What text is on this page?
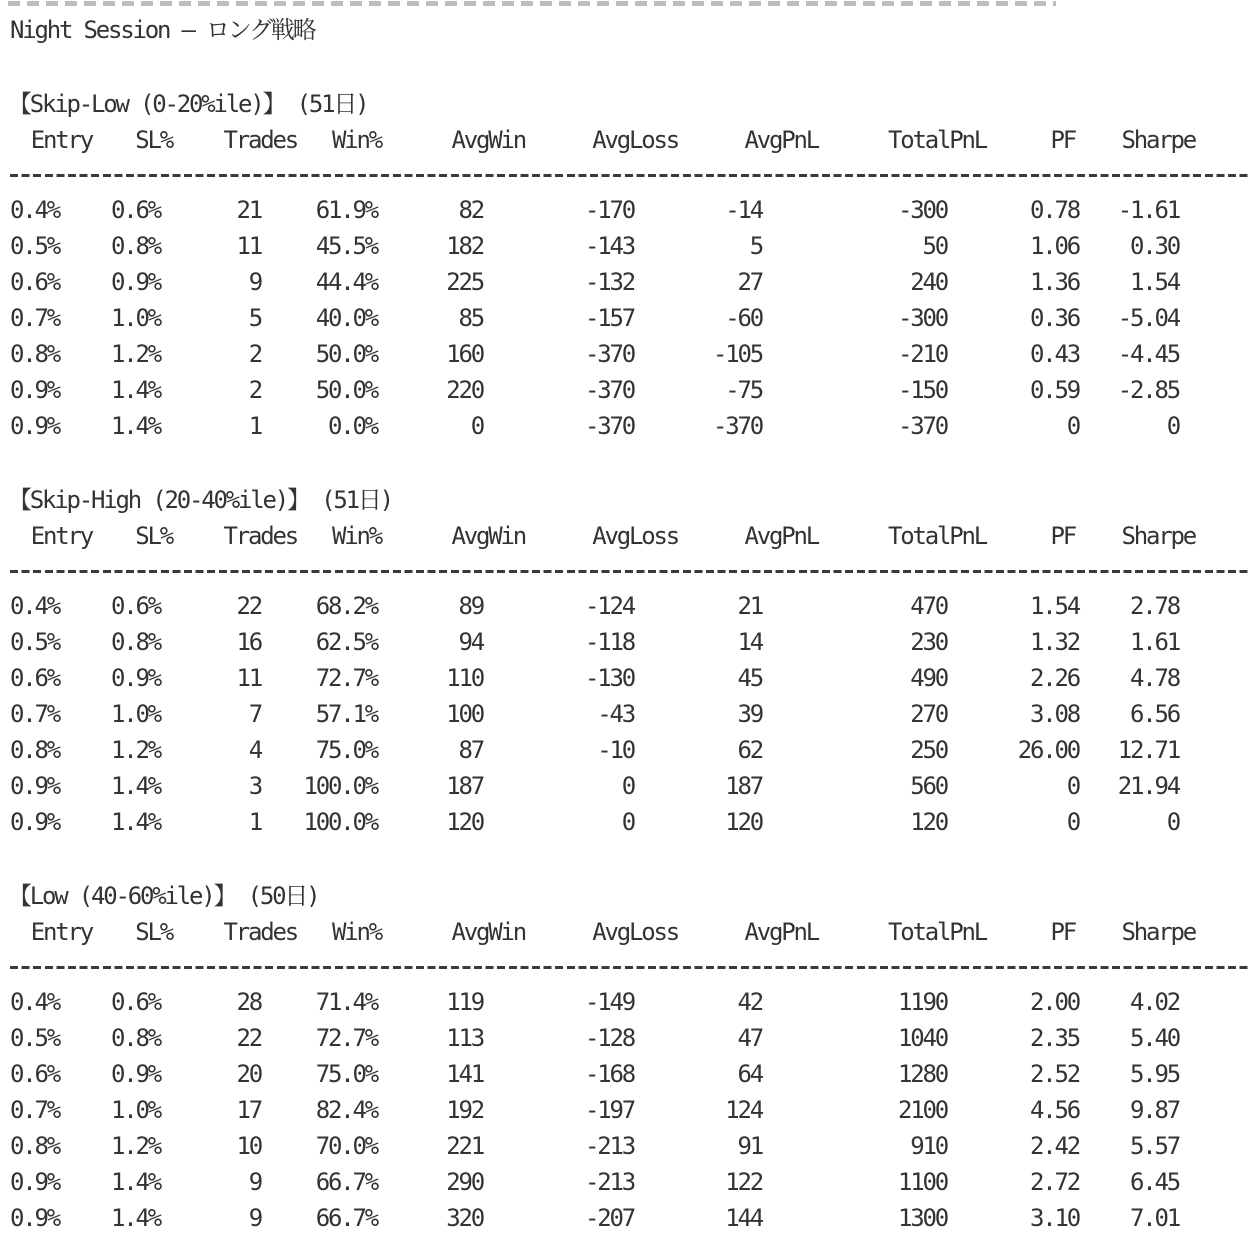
Night Session – ロング戦略
【Skip-Low (0-20%ile)】 (51日)
Entry	SL%	Trades	Win%	AvgWin	AvgLoss	AvgPnL	TotalPnL	PF	Sharpe
0.4%	0.6%	21	61.9%	82	-170	-14	-300	0.78	-1.61
0.5%	0.8%	11	45.5%	182	-143	5	50	1.06	0.30
0.6%	0.9%	9	44.4%	225	-132	27	240	1.36	1.54
0.7%	1.0%	5	40.0%	85	-157	-60	-300	0.36	-5.04
0.8%	1.2%	2	50.0%	160	-370	-105	-210	0.43	-4.45
0.9%	1.4%	2	50.0%	220	-370	-75	-150	0.59	-2.85
0.9%	1.4%	1	0.0%	0	-370	-370	-370	0	0
【Skip-High (20-40%ile)】 (51日)
Entry	SL%	Trades	Win%	AvgWin	AvgLoss	AvgPnL	TotalPnL	PF	Sharpe
0.4%	0.6%	22	68.2%	89	-124	21	470	1.54	2.78
0.5%	0.8%	16	62.5%	94	-118	14	230	1.32	1.61
0.6%	0.9%	11	72.7%	110	-130	45	490	2.26	4.78
0.7%	1.0%	7	57.1%	100	-43	39	270	3.08	6.56
0.8%	1.2%	4	75.0%	87	-10	62	250	26.00	12.71
0.9%	1.4%	3	100.0%	187	0	187	560	0	21.94
0.9%	1.4%	1	100.0%	120	0	120	120	0	0
【Low (40-60%ile)】 (50日)
Entry	SL%	Trades	Win%	AvgWin	AvgLoss	AvgPnL	TotalPnL	PF	Sharpe
0.4%	0.6%	28	71.4%	119	-149	42	1190	2.00	4.02
0.5%	0.8%	22	72.7%	113	-128	47	1040	2.35	5.40
0.6%	0.9%	20	75.0%	141	-168	64	1280	2.52	5.95
0.7%	1.0%	17	82.4%	192	-197	124	2100	4.56	9.87
0.8%	1.2%	10	70.0%	221	-213	91	910	2.42	5.57
0.9%	1.4%	9	66.7%	290	-213	122	1100	2.72	6.45
0.9%	1.4%	9	66.7%	320	-207	144	1300	3.10	7.01
